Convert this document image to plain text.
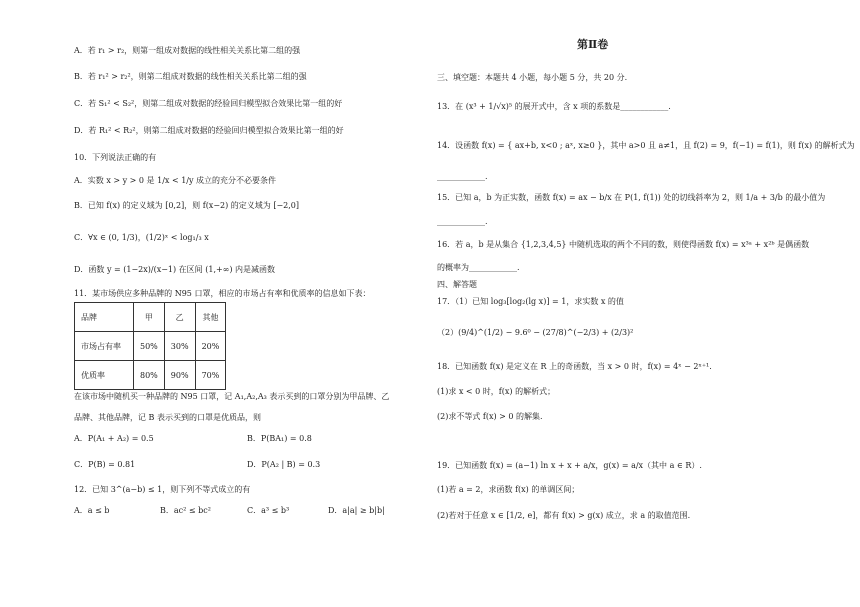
A．若 r₁ > r₂，则第一组成对数据的线性相关关系比第二组的强
B．若 r₁² > r₂²，则第二组成对数据的线性相关关系比第二组的强
C．若 S₁² < S₂²，则第二组成对数据的经验回归模型拟合效果比第一组的好
D．若 R₁² < R₂²，则第二组成对数据的经验回归模型拟合效果比第一组的好
10．下列说法正确的有
A．实数 x > y > 0 是 1/x < 1/y 成立的充分不必要条件
B．已知 f(x) 的定义域为 [0,2]，则 f(x−2) 的定义域为 [−2,0]
C．∀x ∈ (0, 1/3)，(1/2)ˣ < log₁/₃ x
D．函数 y = (1−2x)/(x−1) 在区间 (1,+∞) 内是减函数
11．某市场供应多种品牌的 N95 口罩，相应的市场占有率和优质率的信息如下表：
品牌	甲	乙	其他
市场占有率	50%	30%	20%
优质率	80%	90%	70%
在该市场中随机买一种品牌的 N95 口罩，记 A₁,A₂,A₃ 表示买到的口罩分别为甲品牌、乙
品牌、其他品牌，记 B 表示买到的口罩是优质品，则
A．P(A₁ + A₂) = 0.5	B．P(BA₁) = 0.8
C．P(B) = 0.81	D．P(A₂ | B) = 0.3
12．已知 3^(a−b) ≤ 1，则下列不等式成立的有
A．a ≤ b	B．ac² ≤ bc²	C．a³ ≤ b³	D．a|a| ≥ b|b|
第Ⅱ卷
三、填空题：本题共 4 小题，每小题 5 分，共 20 分.
13．在 (x³ + 1/√x)⁵ 的展开式中，含 x 项的系数是____________.
14．设函数 f(x) = { ax+b, x<0 ; aˣ, x≥0 }，其中 a>0 且 a≠1，且 f(2) = 9，f(−1) = f(1)，则 f(x) 的解析式为
____________.
15．已知 a，b 为正实数，函数 f(x) = ax − b/x 在 P(1, f(1)) 处的切线斜率为 2，则 1/a + 3/b 的最小值为
____________.
16．若 a，b 是从集合 {1,2,3,4,5} 中随机选取的两个不同的数，则使得函数 f(x) = x³ᵃ + x²ᵇ 是偶函数
的概率为____________.
四、解答题
17．（1）已知 log₃[log₂(lg x)] = 1，求实数 x 的值
（2）(9/4)^(1/2) − 9.6⁰ − (27/8)^(−2/3) + (2/3)²
18．已知函数 f(x) 是定义在 R 上的奇函数，当 x > 0 时，f(x) = 4ˣ − 2ˣ⁺¹.
(1)求 x < 0 时，f(x) 的解析式；
(2)求不等式 f(x) > 0 的解集.
19．已知函数 f(x) = (a−1) ln x + x + a/x，g(x) = a/x（其中 a ∈ R）.
(1)若 a = 2，求函数 f(x) 的单调区间；
(2)若对于任意 x ∈ [1/2, e]，都有 f(x) > g(x) 成立，求 a 的取值范围.
